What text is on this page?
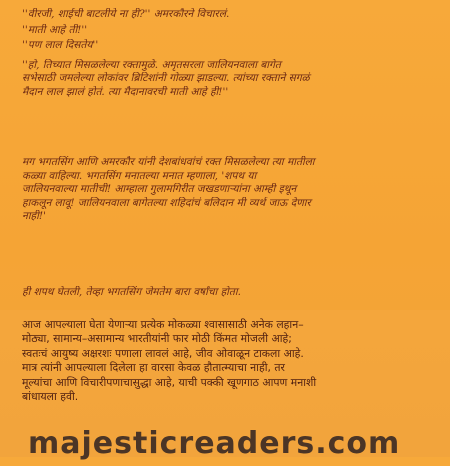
''वीरजी, शाईची बाटलीये ना ही?'' अमरकौरने विचारलं.
''माती आहे ती!''
''पण लाल दिसतेय''
''हो, तिच्यात मिसळलेल्या रक्तामुळे. अमृतसरला जालियनवाला बागेत
सभेसाठी जमलेल्या लोकांवर ब्रिटिशांनी गोळ्या झाडल्या. त्यांच्या रक्ताने सगळं
मैदान लाल झालं होतं. त्या मैदानावरची माती आहे ही!''
मग भगतसिंग आणि अमरकौर यांनी देशबांधवांचं रक्त मिसळलेल्या त्या मातीला
कळ्या वाहिल्या. भगतसिंग मनातल्या मनात म्हणाला, 'शपथ या
जालियनवाल्या मातीची! आम्हाला गुलामगिरीत जखडणाऱ्यांना आम्ही इथून
हाकलून लावू! जालियनवाला बागेतल्या शहिदांचं बलिदान मी व्यर्थ जाऊ देणार
नाही!'
ही शपथ घेतली, तेव्हा भगतसिंग जेमतेम बारा वर्षांचा होता.
आज आपल्याला घेता येणाऱ्या प्रत्येक मोकळ्या श्वासासाठी अनेक लहान–
मोठ्या, सामान्य–असामान्य भारतीयांनी फार मोठी किंमत मोजली आहे;
स्वतःचं आयुष्य अक्षरशः पणाला लावलं आहे, जीव ओवाळून टाकला आहे.
मात्र त्यांनी आपल्याला दिलेला हा वारसा केवळ हौतात्म्याचा नाही, तर
मूल्यांचा आणि विचारीपणाचासुद्धा आहे, याची पक्की खूणगाठ आपण मनाशी
बांधायला हवी.
majesticreaders.com
